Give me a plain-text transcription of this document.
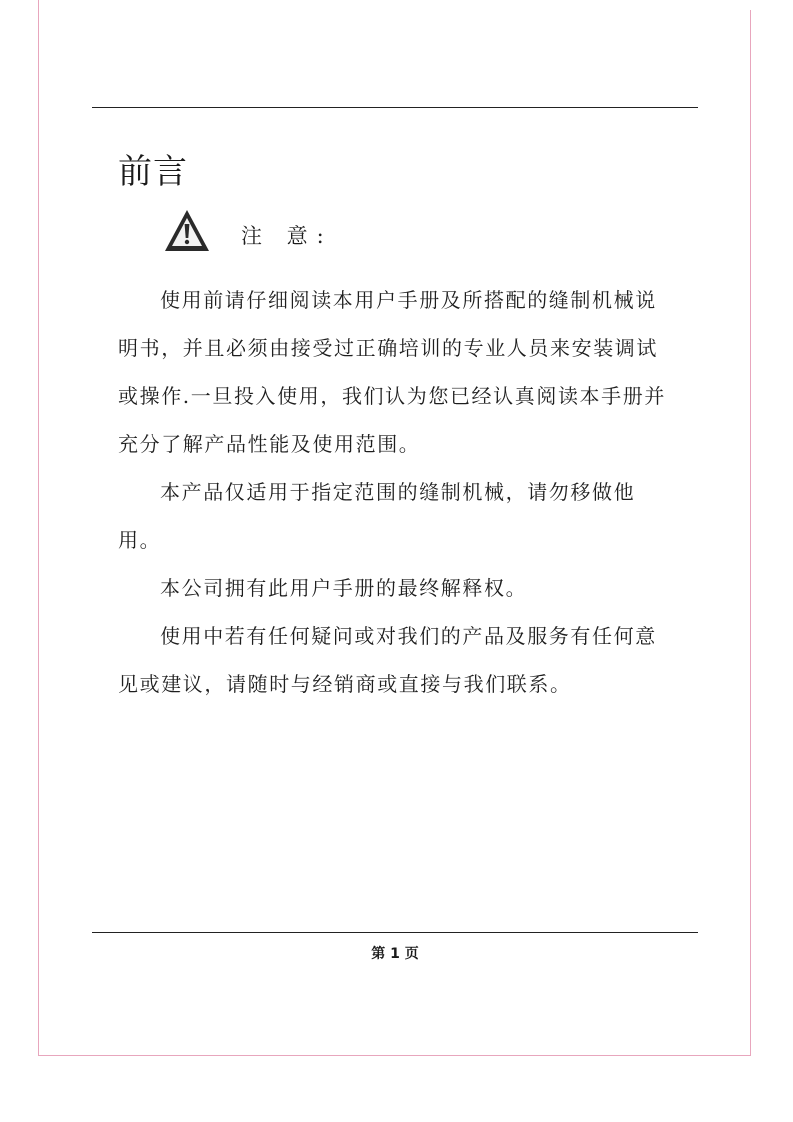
前言
注 意:

使用前请仔细阅读本用户手册及所搭配的缝制机械说明书，并且必须由接受过正确培训的专业人员来安装调试或操作.一旦投入使用，我们认为您已经认真阅读本手册并充分了解产品性能及使用范围。

本产品仅适用于指定范围的缝制机械，请勿移做他用。

本公司拥有此用户手册的最终解释权。

使用中若有任何疑问或对我们的产品及服务有任何意见或建议，请随时与经销商或直接与我们联系。

第 1 页
